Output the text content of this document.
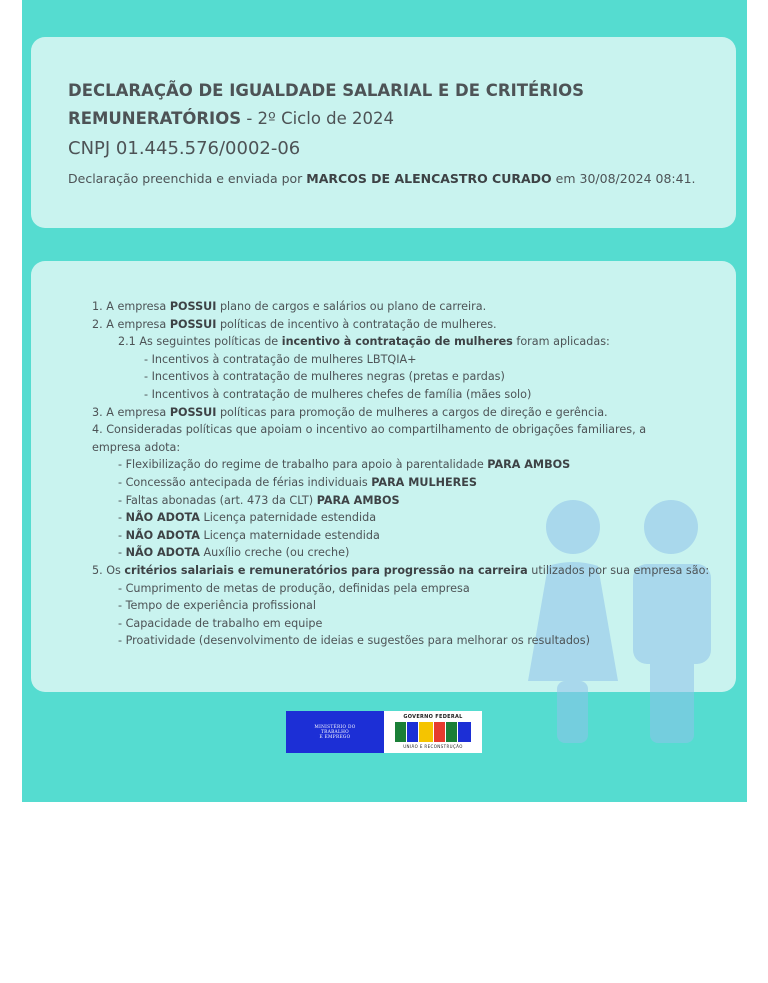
DECLARAÇÃO DE IGUALDADE SALARIAL E DE CRITÉRIOS REMUNERATÓRIOS - 2º Ciclo de 2024
CNPJ 01.445.576/0002-06
Declaração preenchida e enviada por MARCOS DE ALENCASTRO CURADO em 30/08/2024 08:41.
1. A empresa POSSUI plano de cargos e salários ou plano de carreira.
2. A empresa POSSUI políticas de incentivo à contratação de mulheres.
2.1 As seguintes políticas de incentivo à contratação de mulheres foram aplicadas:
- Incentivos à contratação de mulheres LBTQIA+
- Incentivos à contratação de mulheres negras (pretas e pardas)
- Incentivos à contratação de mulheres chefes de família (mães solo)
3. A empresa POSSUI políticas para promoção de mulheres a cargos de direção e gerência.
4. Consideradas políticas que apoiam o incentivo ao compartilhamento de obrigações familiares, a empresa adota:
- Flexibilização do regime de trabalho para apoio à parentalidade PARA AMBOS
- Concessão antecipada de férias individuais PARA MULHERES
- Faltas abonadas (art. 473 da CLT) PARA AMBOS
- NÃO ADOTA Licença paternidade estendida
- NÃO ADOTA Licença maternidade estendida
- NÃO ADOTA Auxílio creche (ou creche)
5. Os critérios salariais e remuneratórios para progressão na carreira utilizados por sua empresa são:
- Cumprimento de metas de produção, definidas pela empresa
- Tempo de experiência profissional
- Capacidade de trabalho em equipe
- Proatividade (desenvolvimento de ideias e sugestões para melhorar os resultados)
MINISTÉRIO DO
TRABALHO
E EMPREGO
GOVERNO FEDERAL
UNIÃO E RECONSTRUÇÃO
